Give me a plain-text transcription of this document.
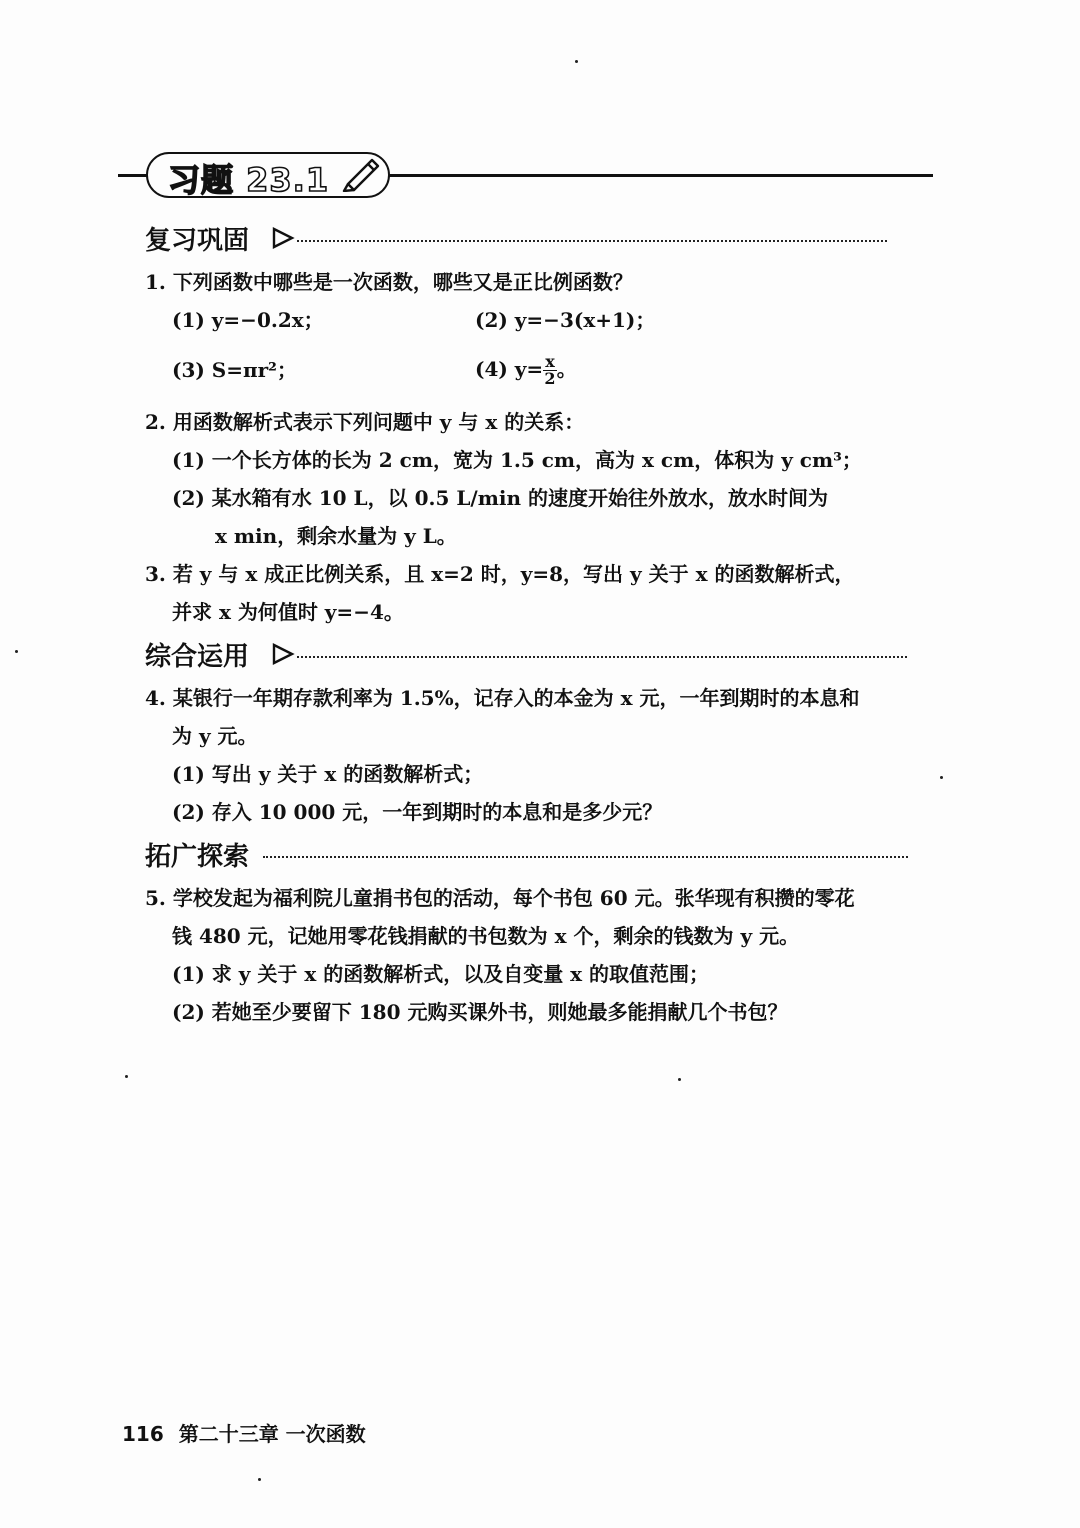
习题 23.1
复习巩固
1. 下列函数中哪些是一次函数，哪些又是正比例函数？
(1) y=−0.2x；	(2) y=−3(x+1)；
(3) S=πr²；	(4) $y= \frac{x}{2}$ 。
2. 用函数解析式表示下列问题中 y 与 x 的关系：
(1) 一个长方体的长为 2 cm，宽为 1.5 cm，高为 x cm，体积为 y cm³；
(2) 某水箱有水 10 L，以 0.5 L/min 的速度开始往外放水，放水时间为
x min，剩余水量为 y L。
3. 若 y 与 x 成正比例关系，且 x=2 时，y=8，写出 y 关于 x 的函数解析式，
并求 x 为何值时 y=−4。
综合运用
4. 某银行一年期存款利率为 1.5%，记存入的本金为 x 元，一年到期时的本息和
为 y 元。
(1) 写出 y 关于 x 的函数解析式；
(2) 存入 10 000 元，一年到期时的本息和是多少元？
拓广探索
5. 学校发起为福利院儿童捐书包的活动，每个书包 60 元。张华现有积攒的零花
钱 480 元，记她用零花钱捐献的书包数为 x 个，剩余的钱数为 y 元。
(1) 求 y 关于 x 的函数解析式，以及自变量 x 的取值范围；
(2) 若她至少要留下 180 元购买课外书，则她最多能捐献几个书包？
116 第二十三章 一次函数
